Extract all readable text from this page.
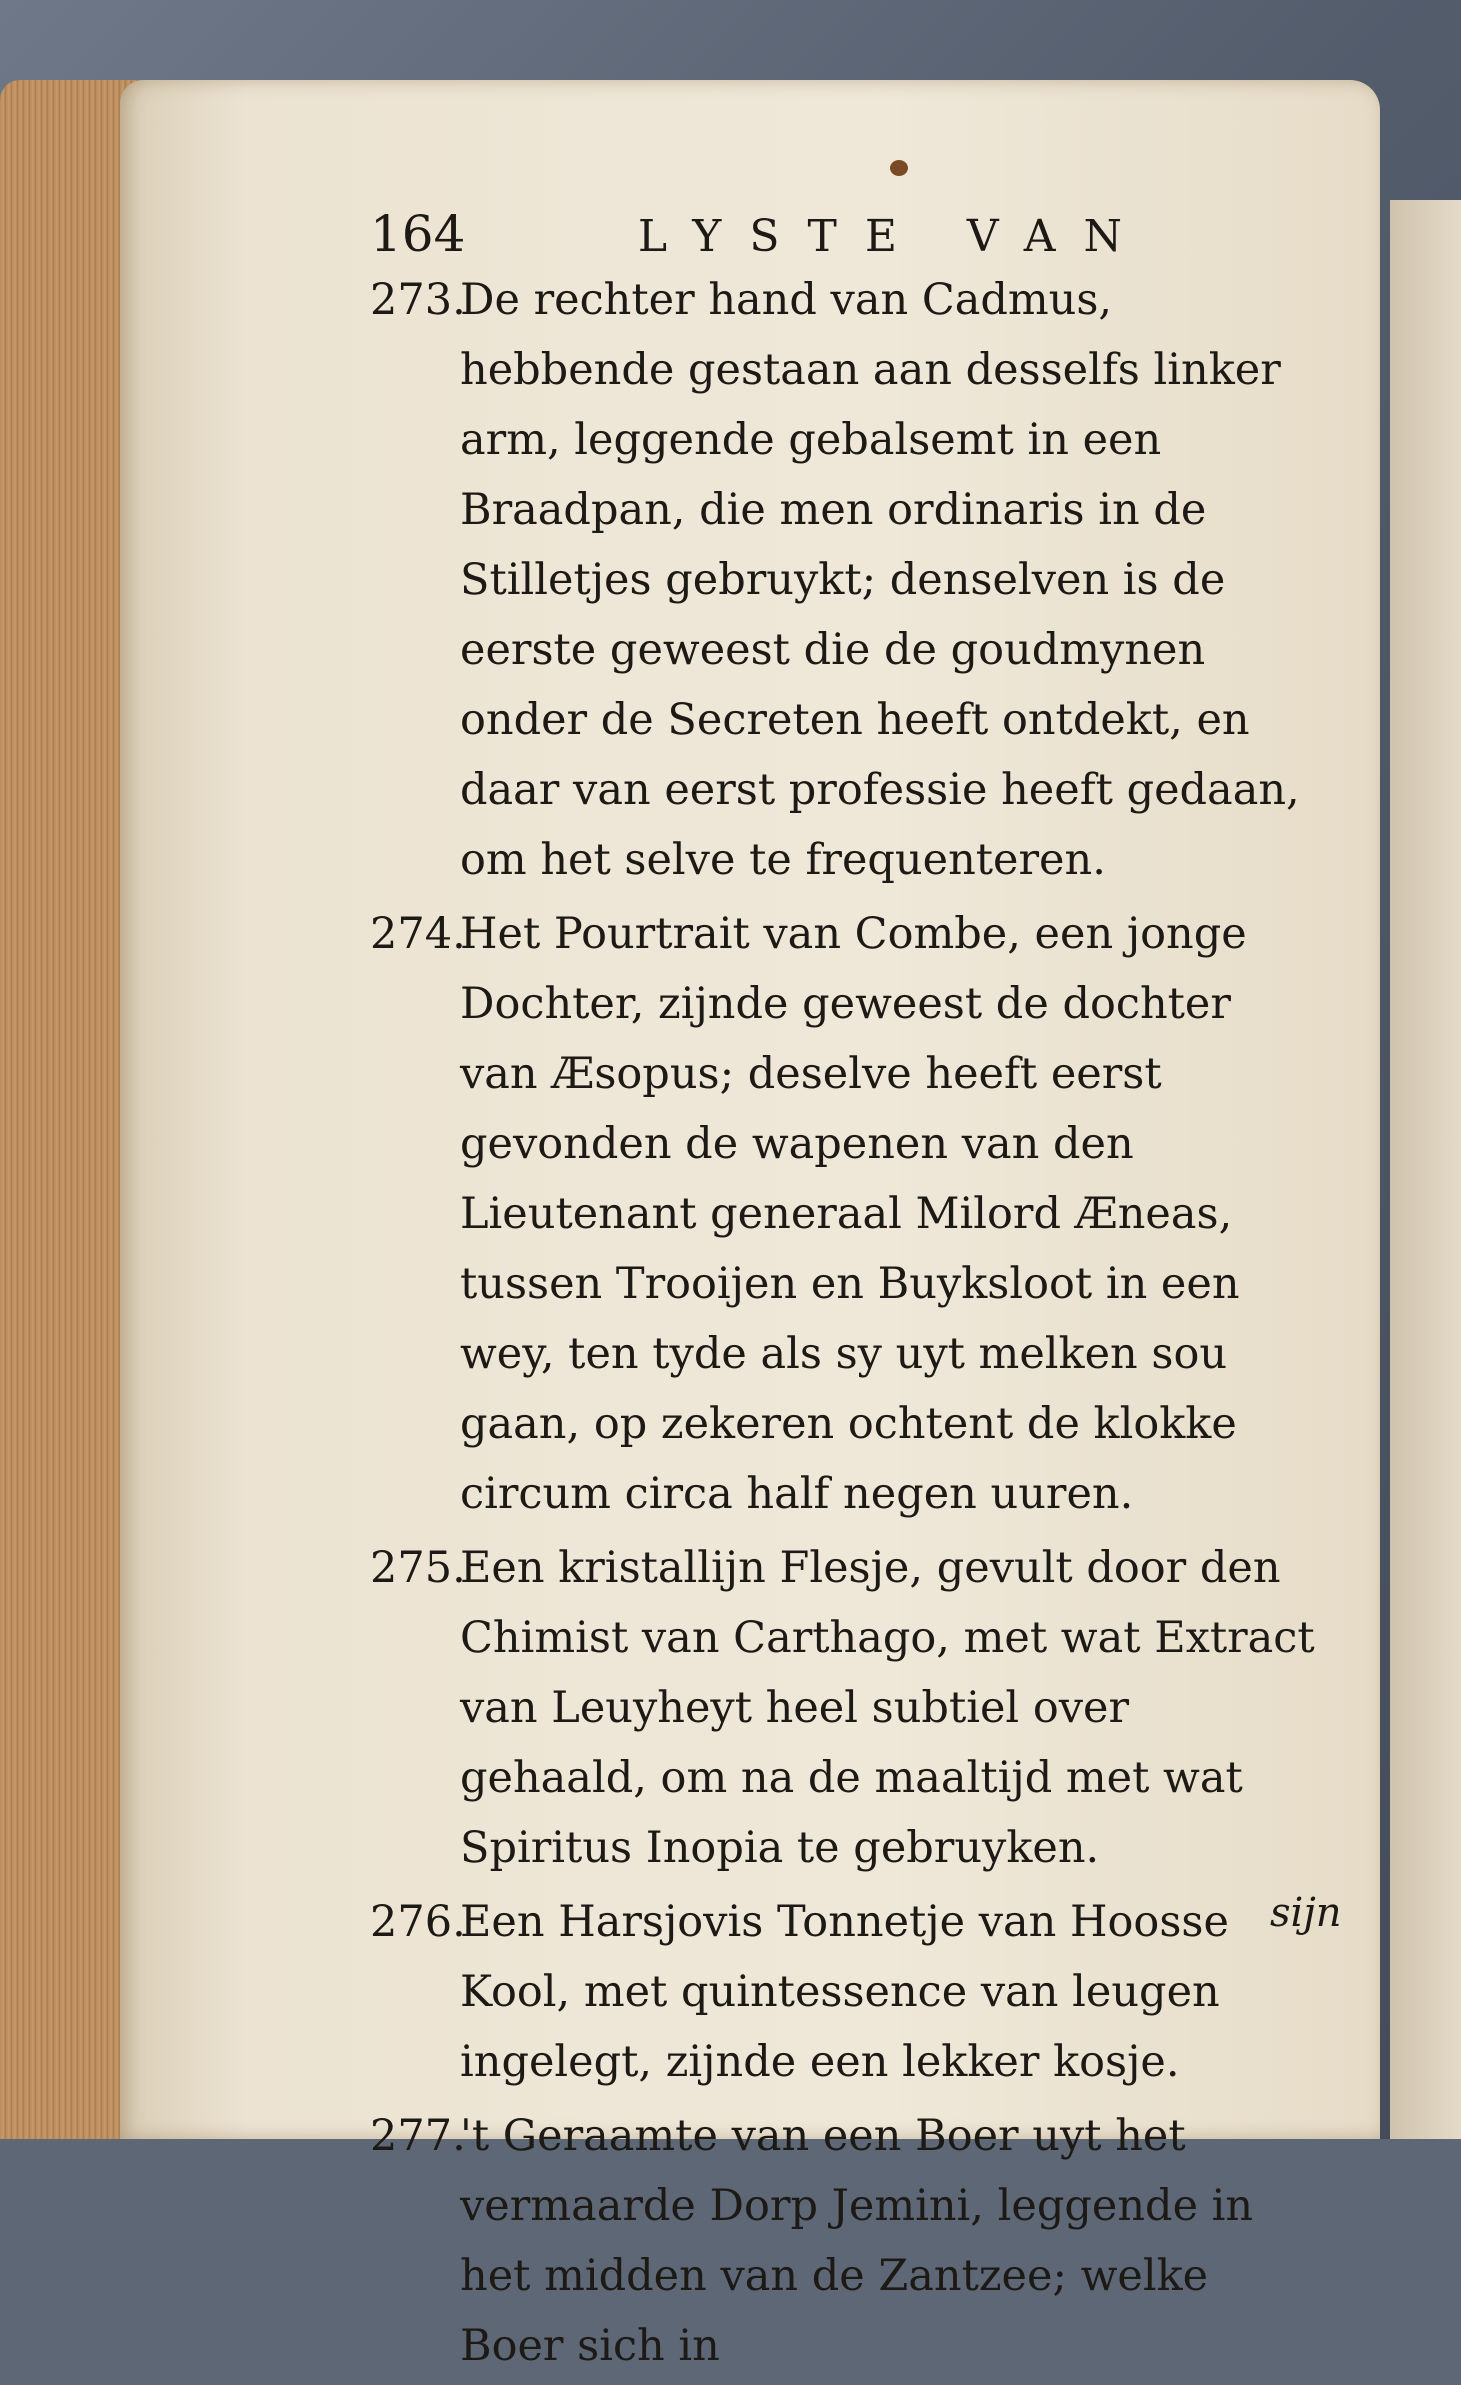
164	LYSTE VAN

273.De rechter hand van Cadmus, hebbende gestaan aan desselfs linker arm, leggende gebalsemt in een Braadpan, die men ordinaris in de Stilletjes gebruykt; denselven is de eerste geweest die de goudmynen onder de Secreten heeft ontdekt, en daar van eerst professie heeft gedaan, om het selve te frequenteren.

274.Het Pourtrait van Combe, een jonge Dochter, zijnde geweest de dochter van Æsopus; deselve heeft eerst gevonden de wapenen van den Lieutenant generaal Milord Æneas, tussen Trooijen en Buyksloot in een wey, ten tyde als sy uyt melken sou gaan, op zekeren ochtent de klokke circum circa half negen uuren.

275.Een kristallijn Flesje, gevult door den Chimist van Carthago, met wat Extract van Leuyheyt heel subtiel over gehaald, om na de maaltijd met wat Spiritus Inopia te gebruyken.

276.Een Harsjovis Tonnetje van Hoosse Kool, met quintessence van leugen ingelegt, zijnde een lekker kosje.

277.'t Geraamte van een Boer uyt het vermaarde Dorp Jemini, leggende in het midden van de Zantzee; welke Boer sich in

sijn
